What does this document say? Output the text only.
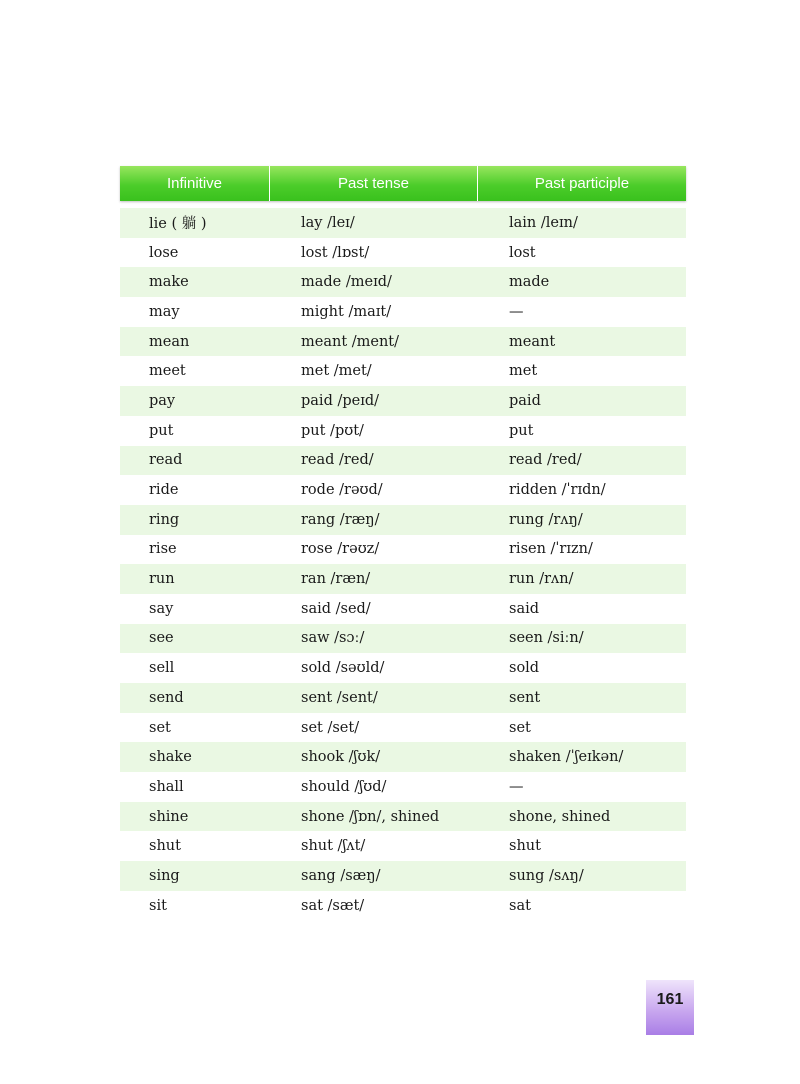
Infinitive	Past tense	Past participle
lie ( 躺 )	lay /leɪ/	lain /leɪn/
lose	lost /lɒst/	lost
make	made /meɪd/	made
may	might /maɪt/	—
mean	meant /ment/	meant
meet	met /met/	met
pay	paid /peɪd/	paid
put	put /pʊt/	put
read	read /red/	read /red/
ride	rode /rəʊd/	ridden /ˈrɪdn/
ring	rang /ræŋ/	rung /rʌŋ/
rise	rose /rəʊz/	risen /ˈrɪzn/
run	ran /ræn/	run /rʌn/
say	said /sed/	said
see	saw /sɔː/	seen /siːn/
sell	sold /səʊld/	sold
send	sent /sent/	sent
set	set /set/	set
shake	shook /ʃʊk/	shaken /ˈʃeɪkən/
shall	should /ʃʊd/	—
shine	shone /ʃɒn/, shined	shone, shined
shut	shut /ʃʌt/	shut
sing	sang /sæŋ/	sung /sʌŋ/
sit	sat /sæt/	sat
161
